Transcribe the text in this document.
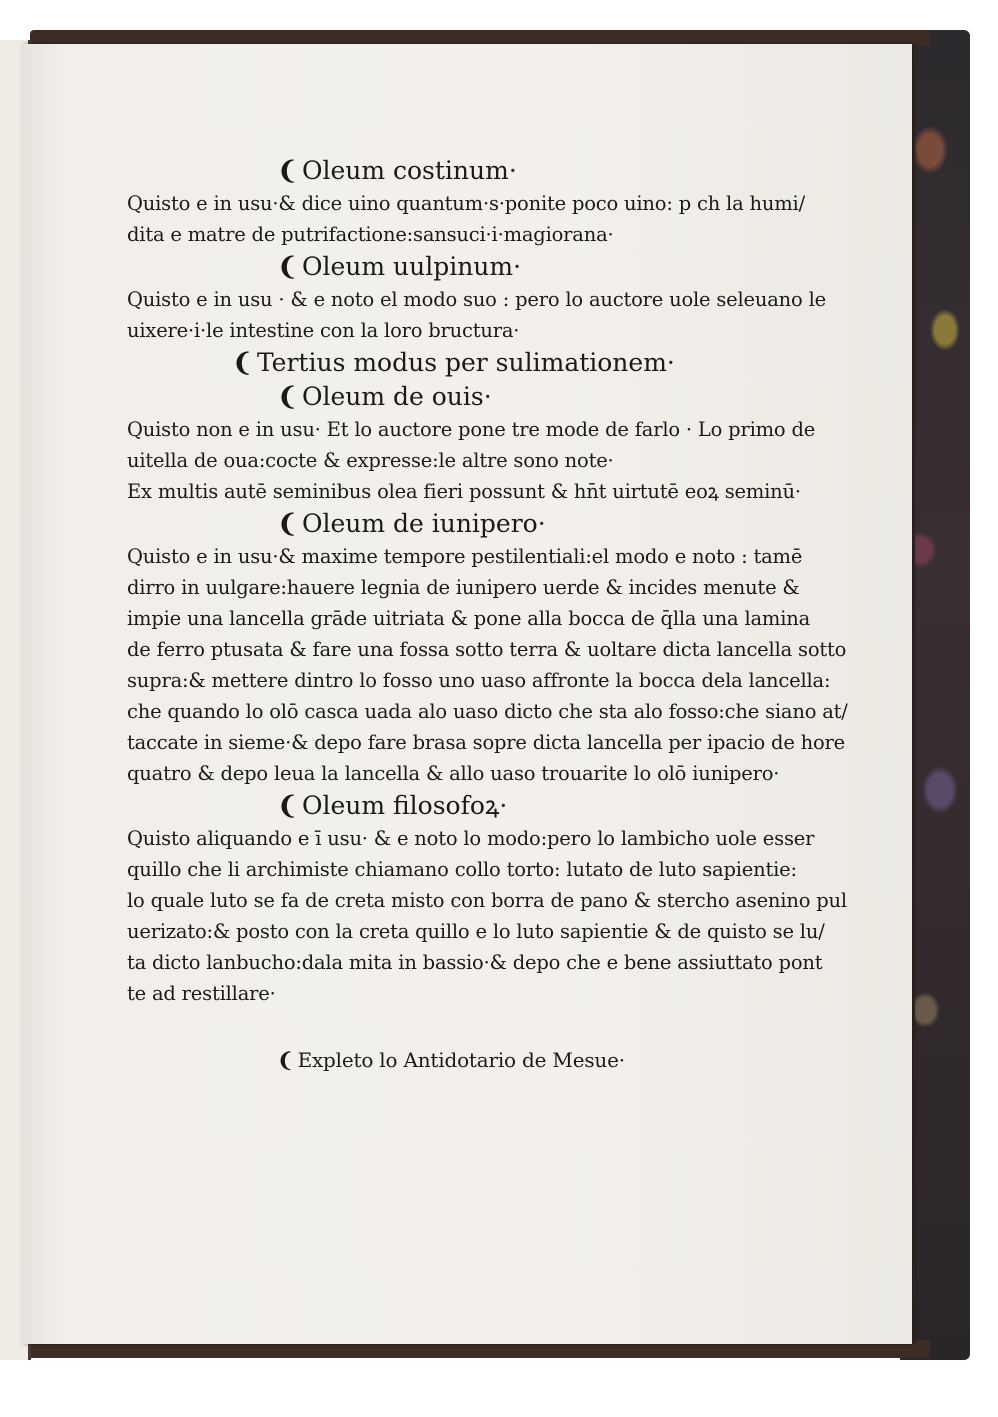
❨ Oleum costinum·
Quisto e in usu·& dice uino quantum·s·ponite poco uino: p ch la humi/
dita e matre de putrifactione:sansuci·i·magiorana·
❨ Oleum uulpinum·
Quisto e in usu · & e noto el modo suo : pero lo auctore uole seleuano le
uixere·i·le intestine con la loro bructura·
❨ Tertius modus per sulimationem·
❨ Oleum de ouis·
Quisto non e in usu· Et lo auctore pone tre mode de farlo · Lo primo de
uitella de oua:cocte & expresse:le altre sono note·
Ex multis autē seminibus olea fieri possunt & hn̄t uirtutē eoꝝ seminū·
❨ Oleum de iunipero·
Quisto e in usu·& maxime tempore pestilentiali:el modo e noto : tamē
dirro in uulgare:hauere legnia de iunipero uerde & incides menute &
impie una lancella grāde uitriata & pone alla bocca de q̄lla una lamina
de ferro ptusata & fare una fossa sotto terra & uoltare dicta lancella sotto
supra:& mettere dintro lo fosso uno uaso affronte la bocca dela lancella:
che quando lo olō casca uada alo uaso dicto che sta alo fosso:che siano at/
taccate in sieme·& depo fare brasa sopre dicta lancella per ipacio de hore
quatro & depo leua la lancella & allo uaso trouarite lo olō iunipero·
❨ Oleum filosofoꝝ·
Quisto aliquando e ī usu· & e noto lo modo:pero lo lambicho uole esser
quillo che li archimiste chiamano collo torto: lutato de luto sapientie:
lo quale luto se fa de creta misto con borra de pano & stercho asenino pul
uerizato:& posto con la creta quillo e lo luto sapientie & de quisto se lu/
ta dicto lanbucho:dala mita in bassio·& depo che e bene assiuttato pont
te ad restillare·
❨ Expleto lo Antidotario de Mesue·
